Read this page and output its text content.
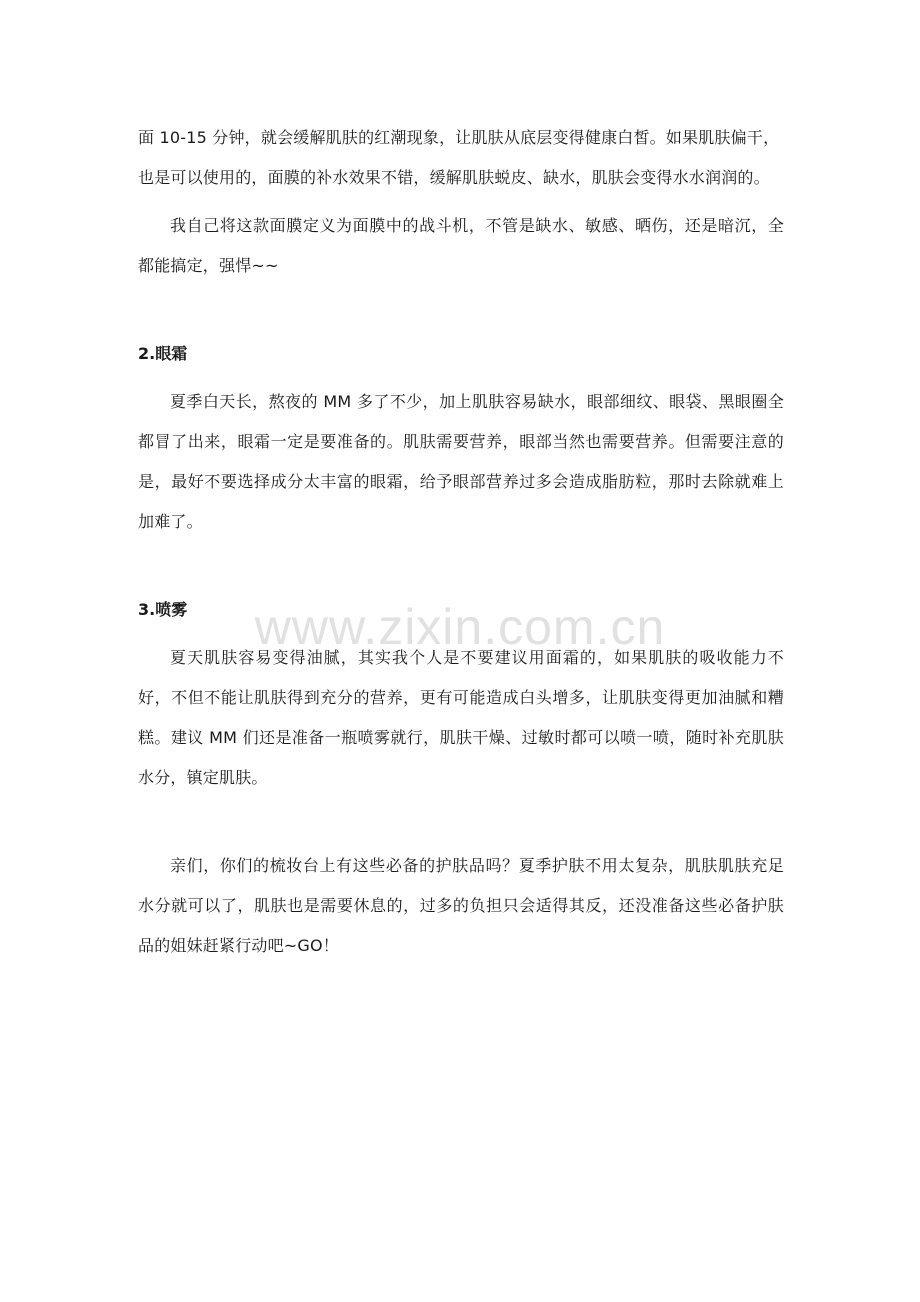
面 10-15 分钟，就会缓解肌肤的红潮现象，让肌肤从底层变得健康白皙。如果肌肤偏干，

也是可以使用的，面膜的补水效果不错，缓解肌肤蜕皮、缺水，肌肤会变得水水润润的。

我自己将这款面膜定义为面膜中的战斗机，不管是缺水、敏感、晒伤，还是暗沉，全都能搞定，强悍~~

2.眼霜

夏季白天长，熬夜的 MM 多了不少，加上肌肤容易缺水，眼部细纹、眼袋、黑眼圈全都冒了出来，眼霜一定是要准备的。肌肤需要营养，眼部当然也需要营养。但需要注意的是，最好不要选择成分太丰富的眼霜，给予眼部营养过多会造成脂肪粒，那时去除就难上加难了。

3.喷雾

夏天肌肤容易变得油腻，其实我个人是不要建议用面霜的，如果肌肤的吸收能力不好，不但不能让肌肤得到充分的营养，更有可能造成白头增多，让肌肤变得更加油腻和糟糕。建议 MM 们还是准备一瓶喷雾就行，肌肤干燥、过敏时都可以喷一喷，随时补充肌肤水分，镇定肌肤。

亲们，你们的梳妆台上有这些必备的护肤品吗？夏季护肤不用太复杂，肌肤肌肤充足水分就可以了，肌肤也是需要休息的，过多的负担只会适得其反，还没准备这些必备护肤品的姐妹赶紧行动吧~GO！

www.zixin.com.cn
